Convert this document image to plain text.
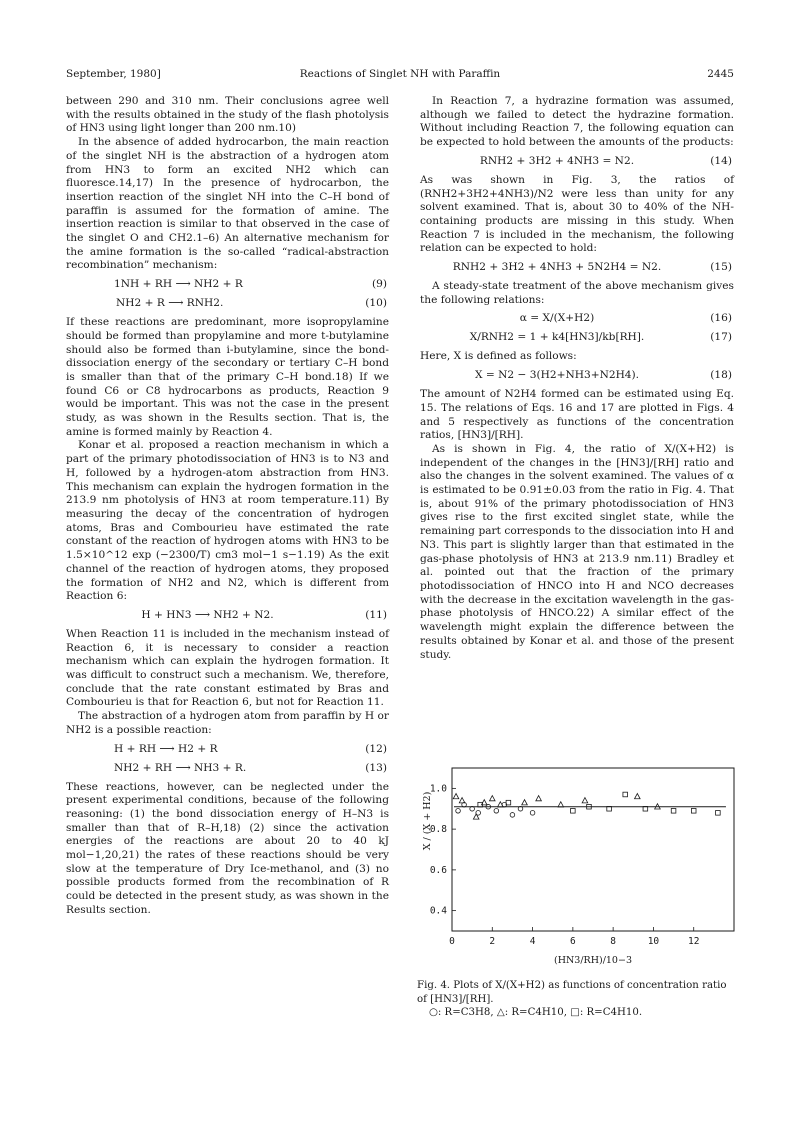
September, 1980]	Reactions of Singlet NH with Paraffin	2445

between 290 and 310 nm. Their conclusions agree well with the results obtained in the study of the flash photolysis of HN3 using light longer than 200 nm.10)

In the absence of added hydrocarbon, the main reaction of the singlet NH is the abstraction of a hydrogen atom from HN3 to form an excited NH2 which can fluoresce.14,17) In the presence of hydrocarbon, the insertion reaction of the singlet NH into the C–H bond of paraffin is assumed for the formation of amine. The insertion reaction is similar to that observed in the case of the singlet O and CH2.1–6) An alternative mechanism for the amine formation is the so-called “radical-abstraction recombination” mechanism:

1NH + RH ⟶ NH2 + R	(9)
NH2 + R ⟶ RNH2.	(10)

If these reactions are predominant, more isopropylamine should be formed than propylamine and more t-butylamine should also be formed than i-butylamine, since the bond-dissociation energy of the secondary or tertiary C–H bond is smaller than that of the primary C–H bond.18) If we found C6 or C8 hydrocarbons as products, Reaction 9 would be important. This was not the case in the present study, as was shown in the Results section. That is, the amine is formed mainly by Reaction 4.

Konar et al. proposed a reaction mechanism in which a part of the primary photodissociation of HN3 is to N3 and H, followed by a hydrogen-atom abstraction from HN3. This mechanism can explain the hydrogen formation in the 213.9 nm photolysis of HN3 at room temperature.11) By measuring the decay of the concentration of hydrogen atoms, Bras and Combourieu have estimated the rate constant of the reaction of hydrogen atoms with HN3 to be 1.5×10^12 exp (−2300/T) cm3 mol−1 s−1.19) As the exit channel of the reaction of hydrogen atoms, they proposed the formation of NH2 and N2, which is different from Reaction 6:

H + HN3 ⟶ NH2 + N2.	(11)

When Reaction 11 is included in the mechanism instead of Reaction 6, it is necessary to consider a reaction mechanism which can explain the hydrogen formation. It was difficult to construct such a mechanism. We, therefore, conclude that the rate constant estimated by Bras and Combourieu is that for Reaction 6, but not for Reaction 11.

The abstraction of a hydrogen atom from paraffin by H or NH2 is a possible reaction:

H + RH ⟶ H2 + R	(12)
NH2 + RH ⟶ NH3 + R.	(13)

These reactions, however, can be neglected under the present experimental conditions, because of the following reasoning: (1) the bond dissociation energy of H–N3 is smaller than that of R–H,18) (2) since the activation energies of the reactions are about 20 to 40 kJ mol−1,20,21) the rates of these reactions should be very slow at the temperature of Dry Ice-methanol, and (3) no possible products formed from the recombination of R could be detected in the present study, as was shown in the Results section.

In Reaction 7, a hydrazine formation was assumed, although we failed to detect the hydrazine formation. Without including Reaction 7, the following equation can be expected to hold between the amounts of the products:

RNH2 + 3H2 + 4NH3 = N2.	(14)

As was shown in Fig. 3, the ratios of (RNH2+3H2+4NH3)/N2 were less than unity for any solvent examined. That is, about 30 to 40% of the NH-containing products are missing in this study. When Reaction 7 is included in the mechanism, the following relation can be expected to hold:

RNH2 + 3H2 + 4NH3 + 5N2H4 = N2.	(15)

A steady-state treatment of the above mechanism gives the following relations:

α = X/(X+H2)	(16)
X/RNH2 = 1 + k4[HN3]/kb[RH].	(17)

Here, X is defined as follows:

X = N2 − 3(H2+NH3+N2H4).	(18)

The amount of N2H4 formed can be estimated using Eq. 15. The relations of Eqs. 16 and 17 are plotted in Figs. 4 and 5 respectively as functions of the concentration ratios, [HN3]/[RH].

As is shown in Fig. 4, the ratio of X/(X+H2) is independent of the changes in the [HN3]/[RH] ratio and also the changes in the solvent examined. The values of α is estimated to be 0.91±0.03 from the ratio in Fig. 4. That is, about 91% of the primary photodissociation of HN3 gives rise to the first excited singlet state, while the remaining part corresponds to the dissociation into H and N3. This part is slightly larger than that estimated in the gas-phase photolysis of HN3 at 213.9 nm.11) Bradley et al. pointed out that the fraction of the primary photodissociation of HNCO into H and NCO decreases with the decrease in the excitation wavelength in the gas-phase photolysis of HNCO.22) A similar effect of the wavelength might explain the difference between the results obtained by Konar et al. and those of the present study.

0	2	4	6	8	10	12
0.4
0.6
0.8
1.0
(HN3/RH)/10−3
X / (X + H2)
Fig. 4. Plots of X/(X+H2) as functions of concentration ratio of [HN3]/[RH].
○: R=C3H8, △: R=C4H10, □: R=C4H10.
